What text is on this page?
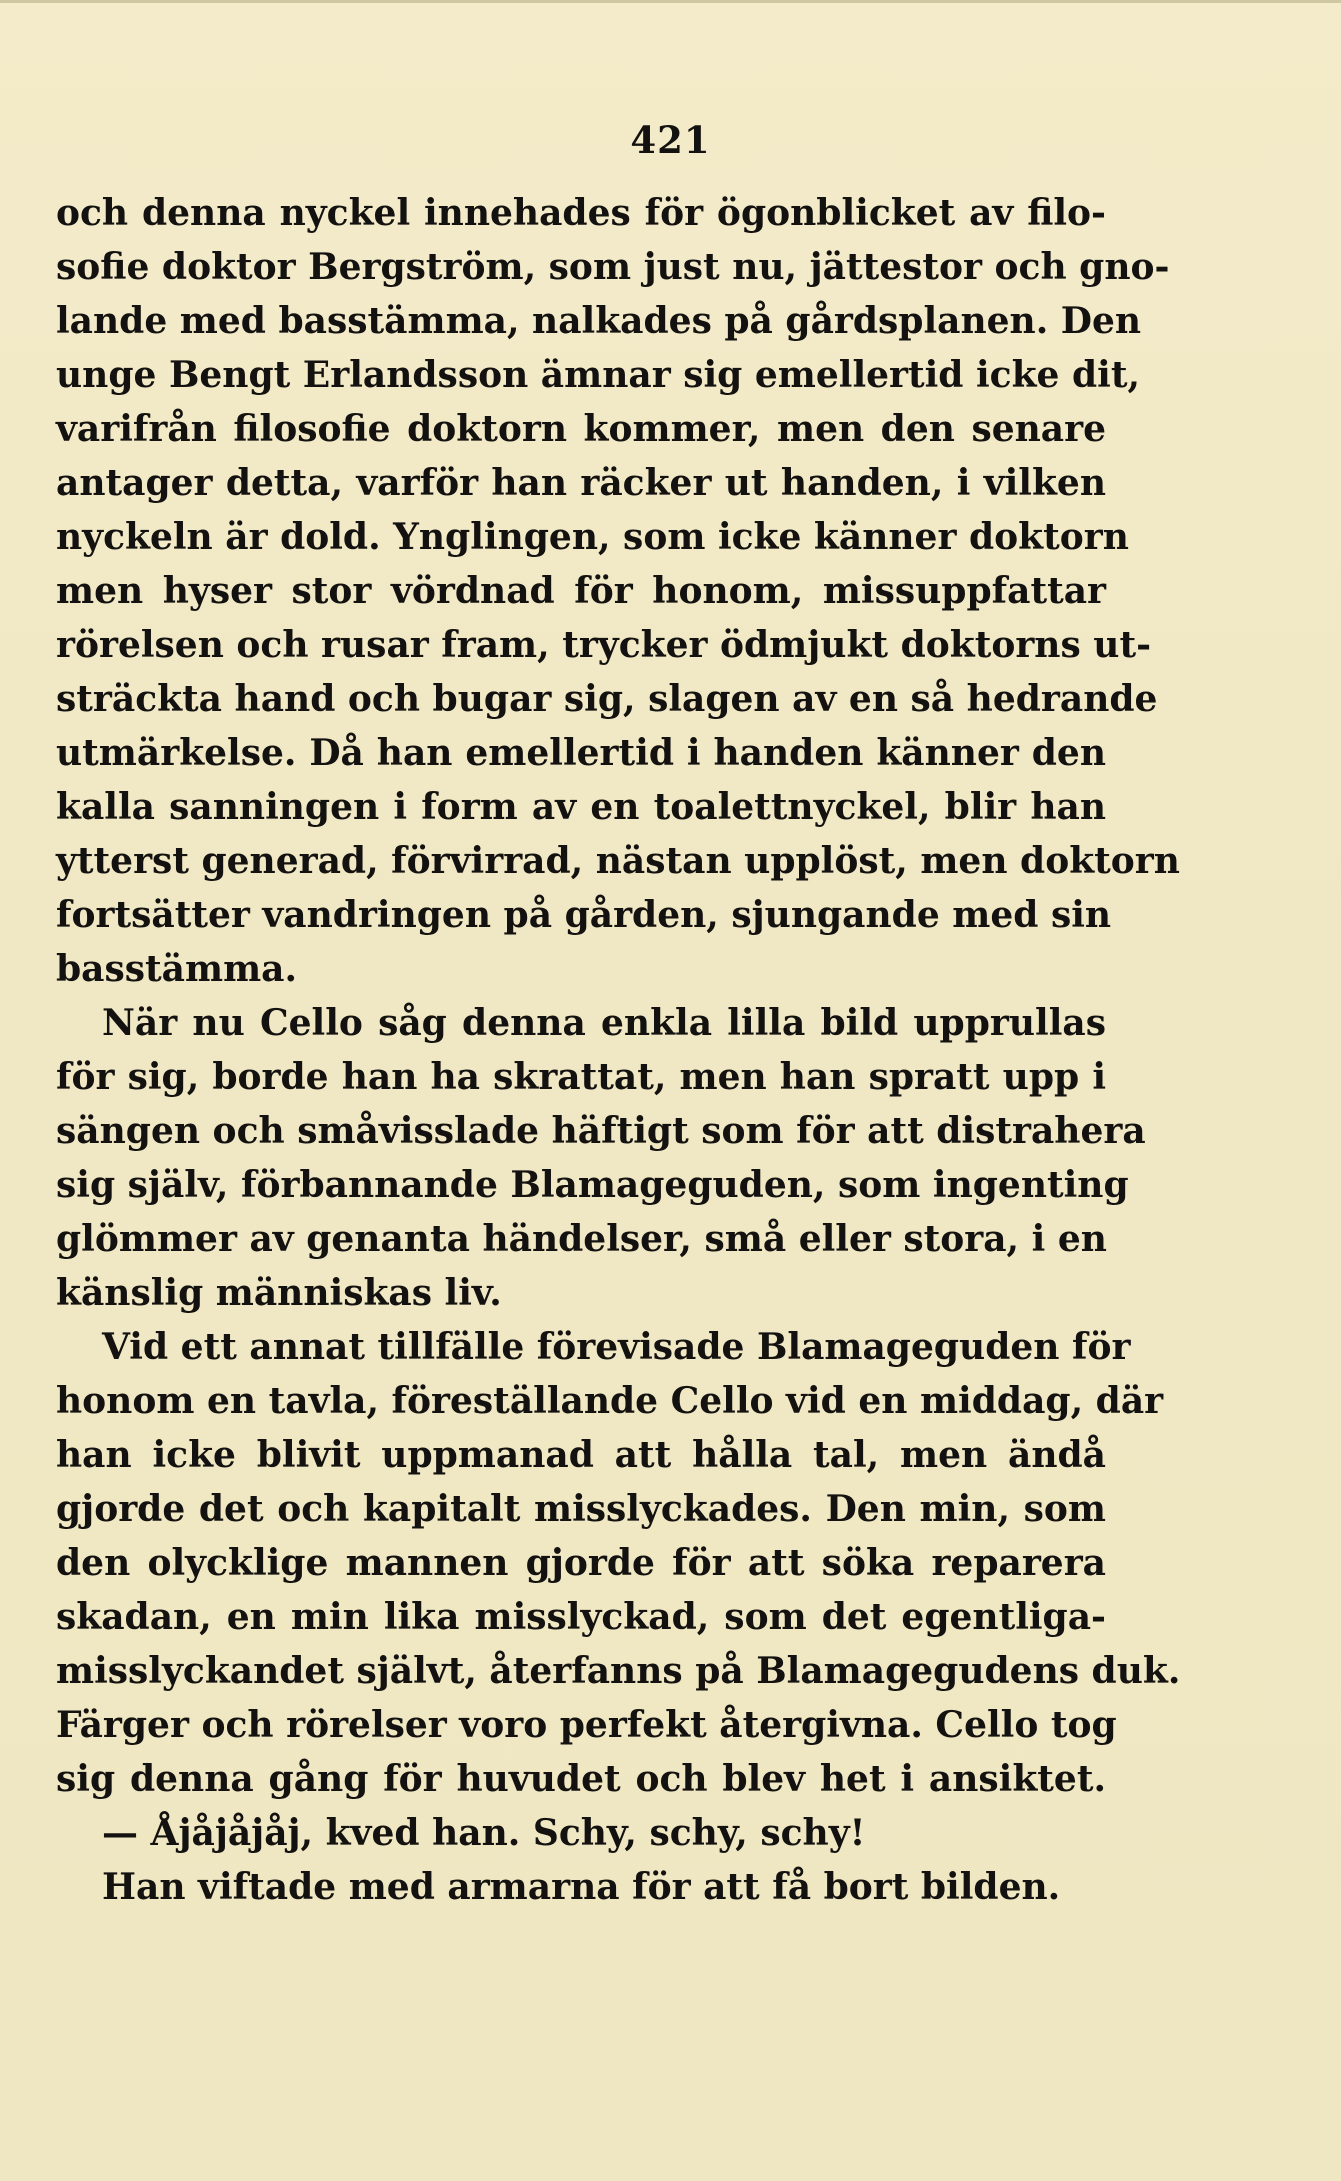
421
och denna nyckel innehades för ögonblicket av filo-
sofie doktor Bergström, som just nu, jättestor och gno-
lande med basstämma, nalkades på gårdsplanen. Den
unge Bengt Erlandsson ämnar sig emellertid icke dit,
varifrån filosofie doktorn kommer, men den senare
antager detta, varför han räcker ut handen, i vilken
nyckeln är dold. Ynglingen, som icke känner doktorn
men hyser stor vördnad för honom, missuppfattar
rörelsen och rusar fram, trycker ödmjukt doktorns ut-
sträckta hand och bugar sig, slagen av en så hedrande
utmärkelse. Då han emellertid i handen känner den
kalla sanningen i form av en toalettnyckel, blir han
ytterst generad, förvirrad, nästan upplöst, men doktorn
fortsätter vandringen på gården, sjungande med sin
basstämma.
När nu Cello såg denna enkla lilla bild upprullas
för sig, borde han ha skrattat, men han spratt upp i
sängen och småvisslade häftigt som för att distrahera
sig själv, förbannande Blamageguden, som ingenting
glömmer av genanta händelser, små eller stora, i en
känslig människas liv.
Vid ett annat tillfälle förevisade Blamageguden för
honom en tavla, föreställande Cello vid en middag, där
han icke blivit uppmanad att hålla tal, men ändå
gjorde det och kapitalt misslyckades. Den min, som
den olycklige mannen gjorde för att söka reparera
skadan, en min lika misslyckad, som det egentliga-
misslyckandet självt, återfanns på Blamagegudens duk.
Färger och rörelser voro perfekt återgivna. Cello tog
sig denna gång för huvudet och blev het i ansiktet.
— Åjåjåjåj, kved han. Schy, schy, schy!
Han viftade med armarna för att få bort bilden.
